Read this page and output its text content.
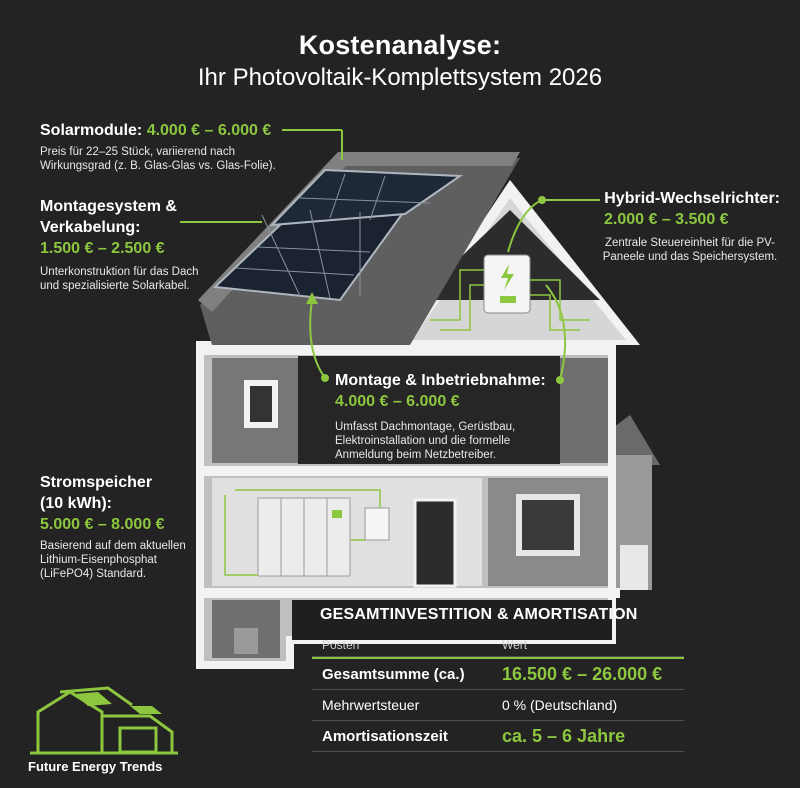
Kostenanalyse:
Ihr Photovoltaik-Komplettsystem 2026
Solarmodule: 4.000 € – 6.000 €
Preis für 22–25 Stück, variierend nach Wirkungsgrad (z. B. Glas-Glas vs. Glas-Folie).
Montagesystem &
Verkabelung:
1.500 € – 2.500 €
Unterkonstruktion für das Dach und spezialisierte Solarkabel.
Hybrid-Wechselrichter:
2.000 € – 3.500 €
Zentrale Steuereinheit für die PV-Paneele und das Speichersystem.
Montage & Inbetriebnahme:
4.000 € – 6.000 €
Umfasst Dachmontage, Gerüstbau, Elektroinstallation und die formelle Anmeldung beim Netzbetreiber.
Stromspeicher
(10 kWh):
5.000 € – 8.000 €
Basierend auf dem aktuellen Lithium-Eisenphosphat (LiFePO4) Standard.
GESAMTINVESTITION & AMORTISATION
Posten	Wert
Gesamtsumme (ca.)	16.500 € – 26.000 €
Mehrwertsteuer	0 % (Deutschland)
Amortisationszeit	ca. 5 – 6 Jahre
Future Energy Trends
